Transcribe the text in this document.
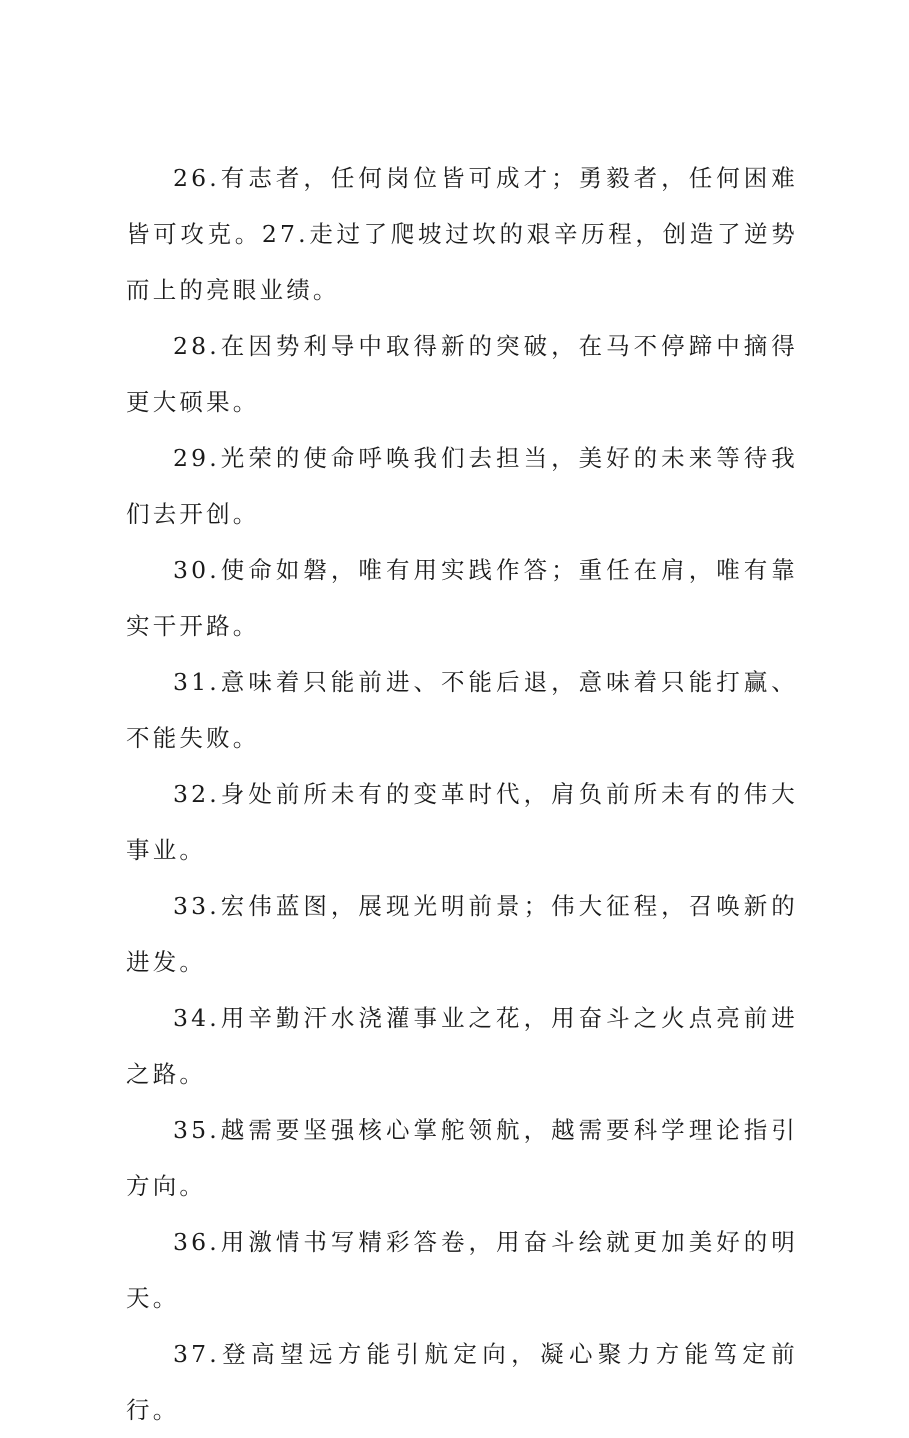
26.有志者，任何岗位皆可成才；勇毅者，任何困难皆可攻克。27.走过了爬坡过坎的艰辛历程，创造了逆势而上的亮眼业绩。

28.在因势利导中取得新的突破，在马不停蹄中摘得更大硕果。

29.光荣的使命呼唤我们去担当，美好的未来等待我们去开创。

30.使命如磐，唯有用实践作答；重任在肩，唯有靠实干开路。

31.意味着只能前进、不能后退，意味着只能打赢、不能失败。

32.身处前所未有的变革时代，肩负前所未有的伟大事业。

33.宏伟蓝图，展现光明前景；伟大征程，召唤新的进发。

34.用辛勤汗水浇灌事业之花，用奋斗之火点亮前进之路。

35.越需要坚强核心掌舵领航，越需要科学理论指引方向。

36.用激情书写精彩答卷，用奋斗绘就更加美好的明天。

37.登高望远方能引航定向，凝心聚力方能笃定前行。
